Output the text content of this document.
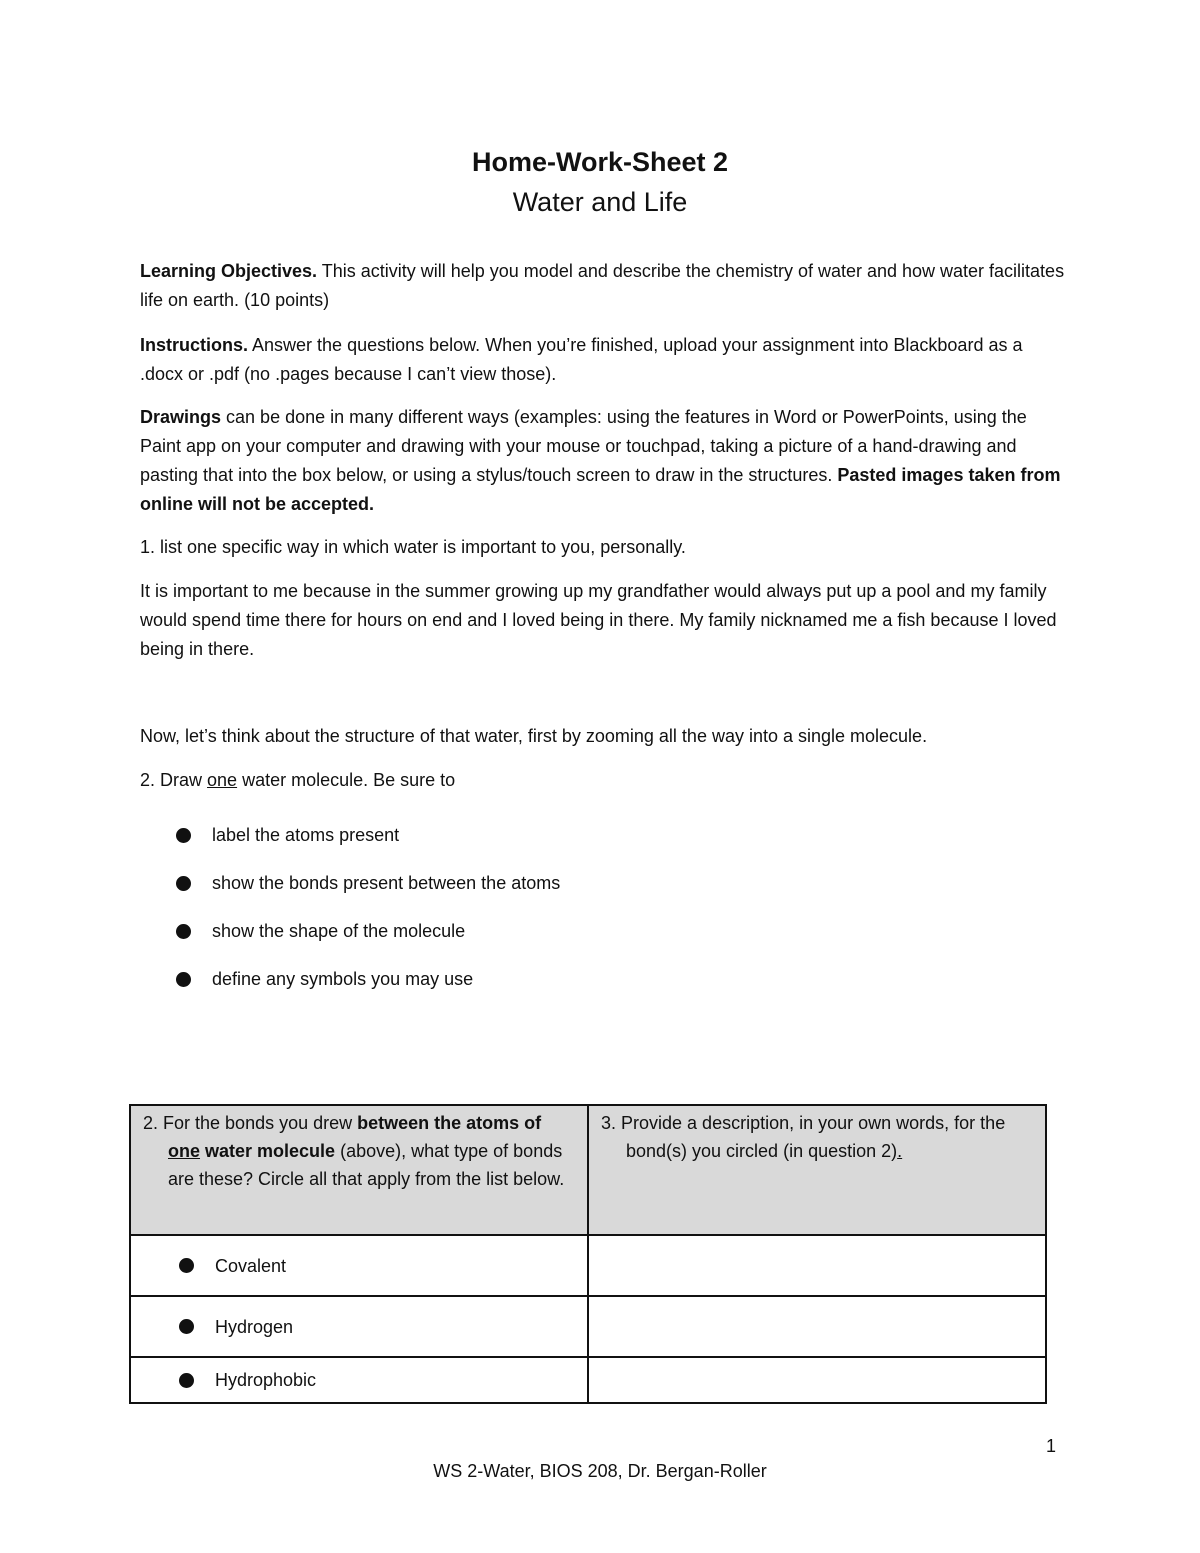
Home-Work-Sheet 2
Water and Life

Learning Objectives. This activity will help you model and describe the chemistry of water and how water facilitates life on earth. (10 points)

Instructions. Answer the questions below. When you’re finished, upload your assignment into Blackboard as a .docx or .pdf (no .pages because I can’t view those).

Drawings can be done in many different ways (examples: using the features in Word or PowerPoints, using the Paint app on your computer and drawing with your mouse or touchpad, taking a picture of a hand-drawing and pasting that into the box below, or using a stylus/touch screen to draw in the structures. Pasted images taken from online will not be accepted.

1. list one specific way in which water is important to you, personally.

It is important to me because in the summer growing up my grandfather would always put up a pool and my family would spend time there for hours on end and I loved being in there. My family nicknamed me a fish because I loved being in there.

Now, let’s think about the structure of that water, first by zooming all the way into a single molecule.

2. Draw one water molecule. Be sure to

label the atoms present
show the bonds present between the atoms
show the shape of the molecule
define any symbols you may use
2. For the bonds you drew between the atoms of one water molecule (above), what type of bonds are these? Circle all that apply from the list below.	3. Provide a description, in your own words, for the bond(s) you circled (in question 2).

Covalent	

Hydrogen	

Hydrophobic	

1
WS 2-Water, BIOS 208, Dr. Bergan-Roller
